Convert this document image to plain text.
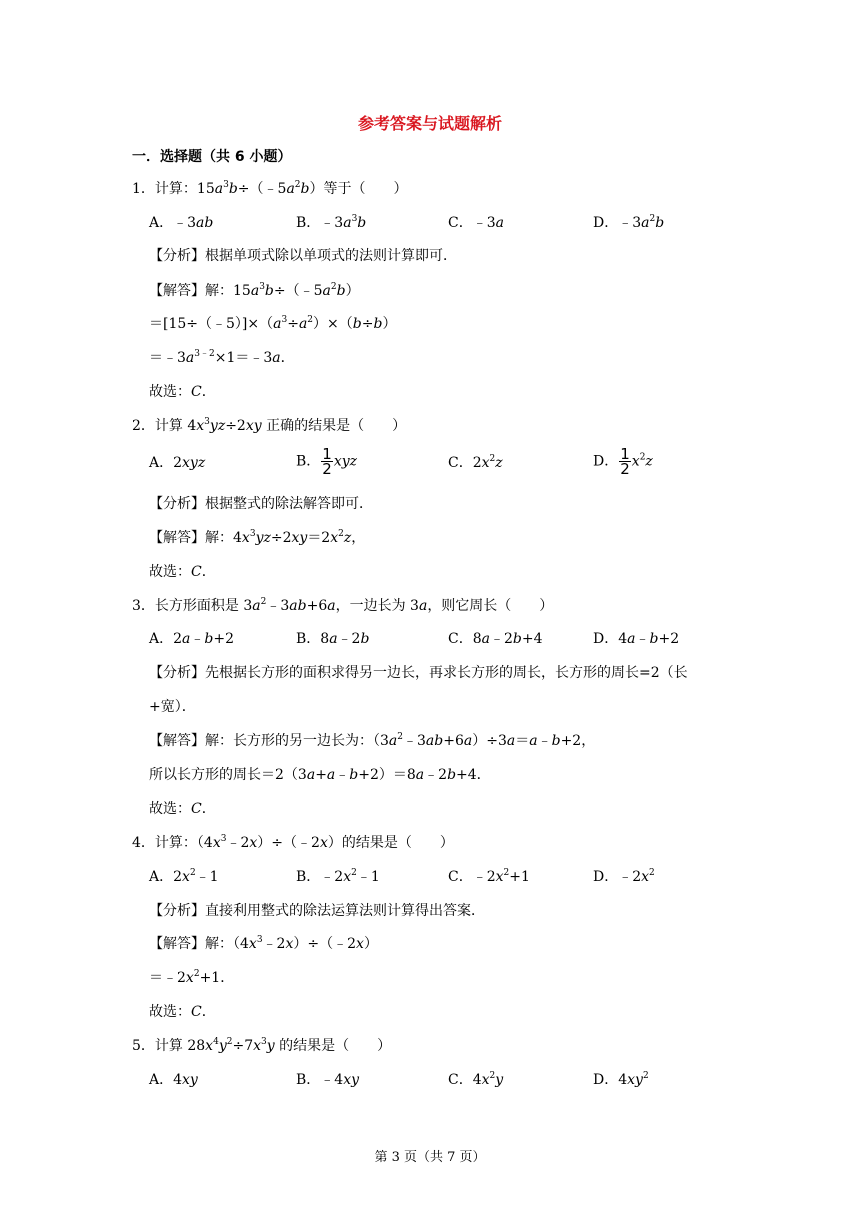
参考答案与试题解析
一．选择题（共 6 小题）
1．计算：$15a^3b\div(﹣5a^2b)$等于（　　）
A．﹣3ab	B．$﹣3a^3b$	C．﹣3a	D．$﹣3a^2b$
【分析】根据单项式除以单项式的法则计算即可．
【解答】解：$15a^3b\div(﹣5a^2b)$
$=[15\div(﹣5)]\times(a^3\div a^2)\times(b\div b)$
$=﹣3a^{3﹣2}\times 1=﹣3a$．
故选：C．
2．计算 $4x^3yz\div 2xy$ 正确的结果是（　　）
A．2xyz	B． $\frac{1}{2}$ xyz	C．$2x^2z$	D． $\frac{1}{2} x^2z$
【分析】根据整式的除法解答即可．
【解答】解：$4x^3yz\div 2xy=2x^2z$，
故选：C．
3．长方形面积是 $3a^2﹣3ab+6a$，一边长为 3a，则它周长（　　）
A．2a﹣b+2	B．8a﹣2b	C．8a﹣2b+4	D．4a﹣b+2
【分析】先根据长方形的面积求得另一边长，再求长方形的周长，长方形的周长=2（长
+宽）．
【解答】解：长方形的另一边长为：$(3a^2﹣3ab+6a)\div 3a=a﹣b+2$，
所以长方形的周长＝2（3a+a﹣b+2）＝8a﹣2b+4．
故选：C．
4．计算：$(4x^3﹣2x)\div(﹣2x)$的结果是（　　）
A．$2x^2﹣1$	B．$﹣2x^2﹣1$	C．$﹣2x^2+1$	D．$﹣2x^2$
【分析】直接利用整式的除法运算法则计算得出答案．
【解答】解：$(4x^3﹣2x)\div(﹣2x)$
$=﹣2x^2+1$．
故选：C．
5．计算 $28x^4y^2\div 7x^3y$ 的结果是（　　）
A．4xy	B．﹣4xy	C．$4x^2y$	D．$4xy^2$
第 3 页（共 7 页）
